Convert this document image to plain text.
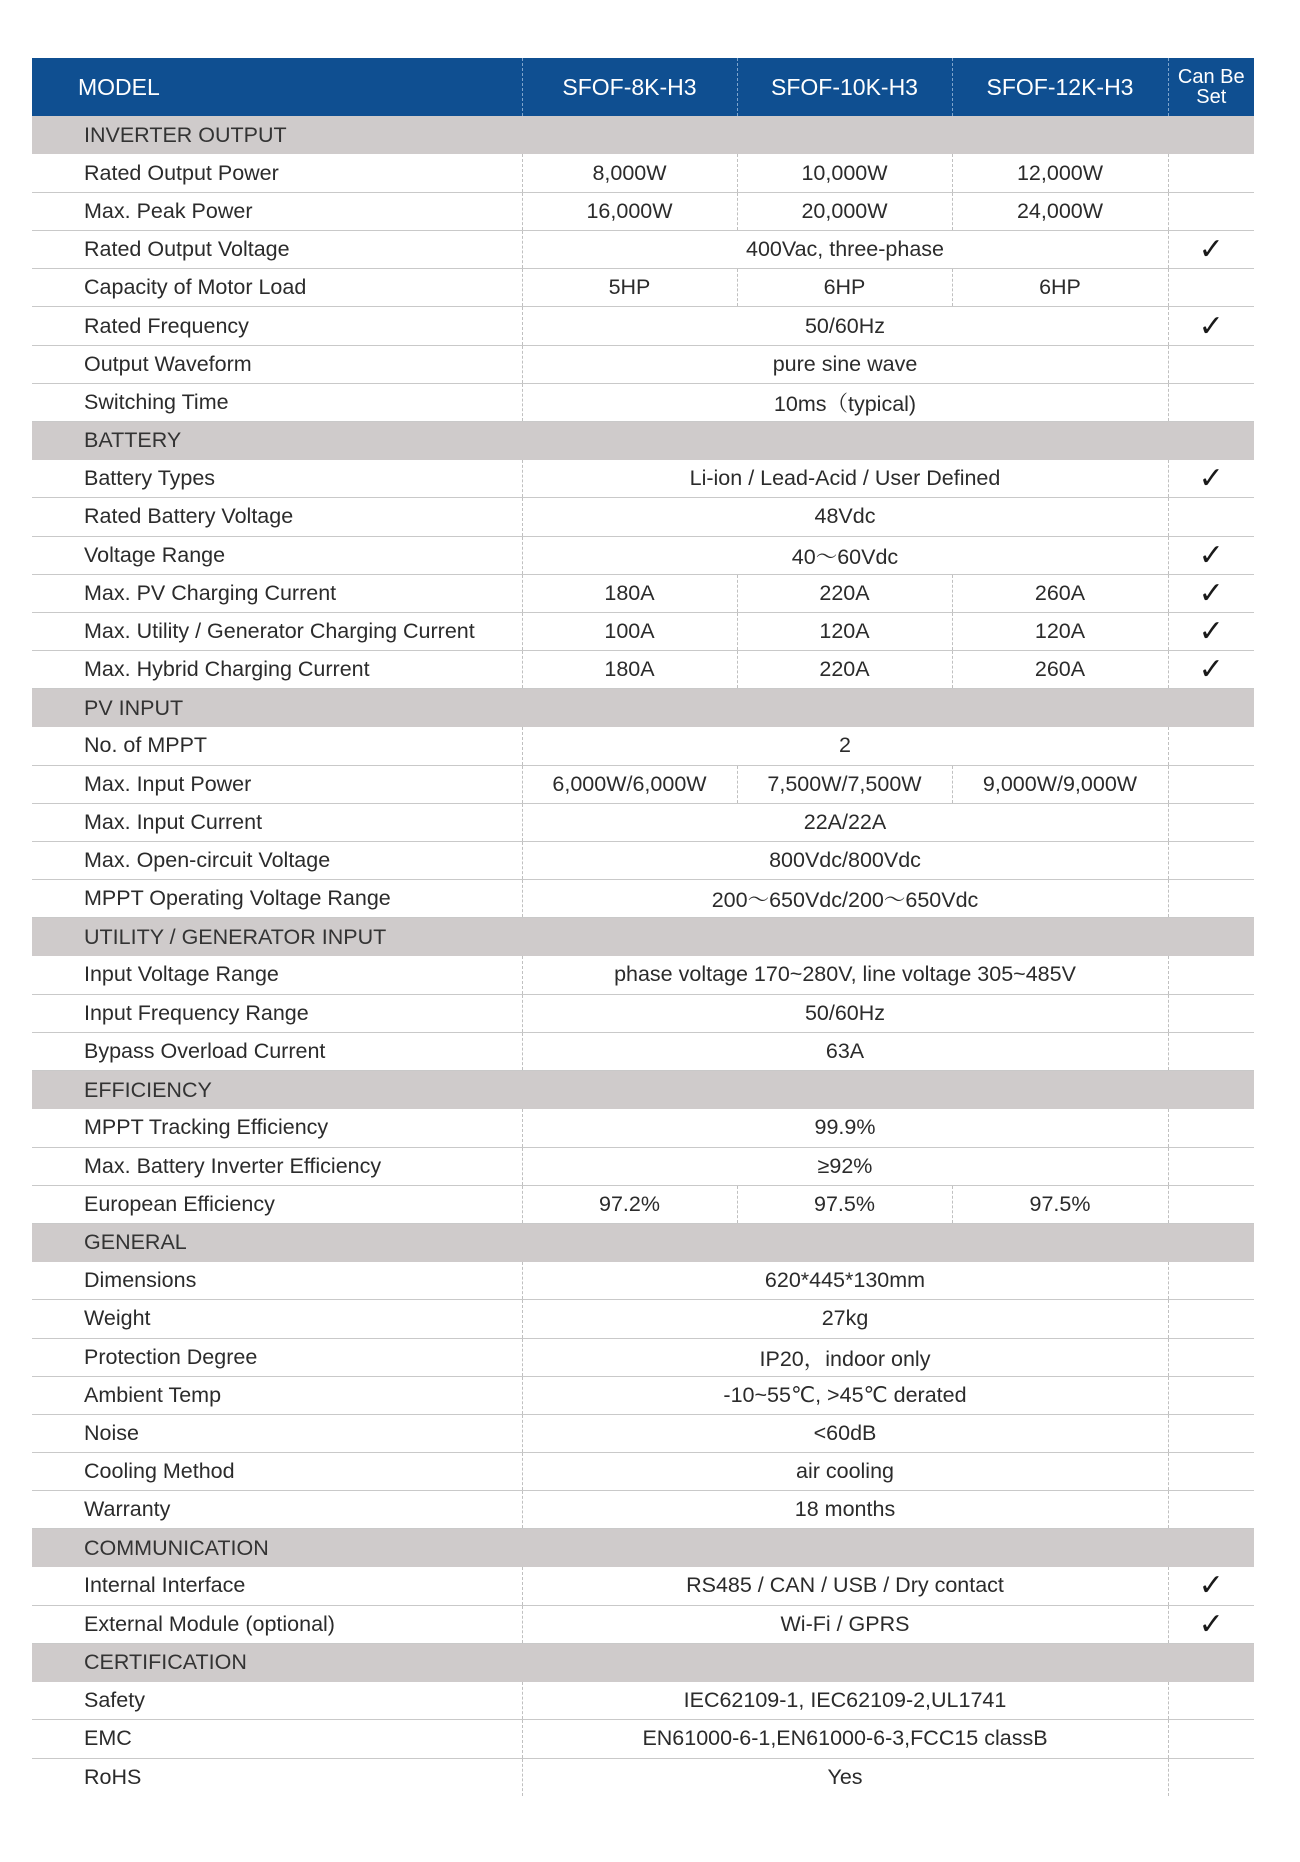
MODEL	SFOF-8K-H3	SFOF-10K-H3	SFOF-12K-H3	Can Be
Set
INVERTER OUTPUT				
Rated Output Power	8,000W	10,000W	12,000W	
Max. Peak Power	16,000W	20,000W	24,000W	
Rated Output Voltage	400Vac, three-phase			✓
Capacity of Motor Load	5HP	6HP	6HP	
Rated Frequency	50/60Hz			✓
Output Waveform	pure sine wave			
Switching Time	10ms（typical)			
BATTERY				
Battery Types	Li-ion / Lead-Acid / User Defined			✓
Rated Battery Voltage	48Vdc			
Voltage Range	40～60Vdc			✓
Max. PV Charging Current	180A	220A	260A	✓
Max. Utility / Generator Charging Current	100A	120A	120A	✓
Max. Hybrid Charging Current	180A	220A	260A	✓
PV INPUT				
No. of MPPT	2			
Max. Input Power	6,000W/6,000W	7,500W/7,500W	9,000W/9,000W	
Max. Input Current	22A/22A			
Max. Open-circuit Voltage	800Vdc/800Vdc			
MPPT Operating Voltage Range	200～650Vdc/200～650Vdc			
UTILITY / GENERATOR INPUT				
Input Voltage Range	phase voltage 170~280V, line voltage 305~485V			
Input Frequency Range	50/60Hz			
Bypass Overload Current	63A			
EFFICIENCY				
MPPT Tracking Efficiency	99.9%			
Max. Battery Inverter Efficiency	≥92%			
European Efficiency	97.2%	97.5%	97.5%	
GENERAL				
Dimensions	620*445*130mm			
Weight	27kg			
Protection Degree	IP20，indoor only			
Ambient Temp	-10~55℃, >45℃ derated			
Noise	<60dB			
Cooling Method	air cooling			
Warranty	18 months			
COMMUNICATION				
Internal Interface	RS485 / CAN / USB / Dry contact			✓
External Module (optional)	Wi-Fi / GPRS			✓
CERTIFICATION				
Safety	IEC62109-1, IEC62109-2,UL1741			
EMC	EN61000-6-1,EN61000-6-3,FCC15 classB			
RoHS	Yes			
